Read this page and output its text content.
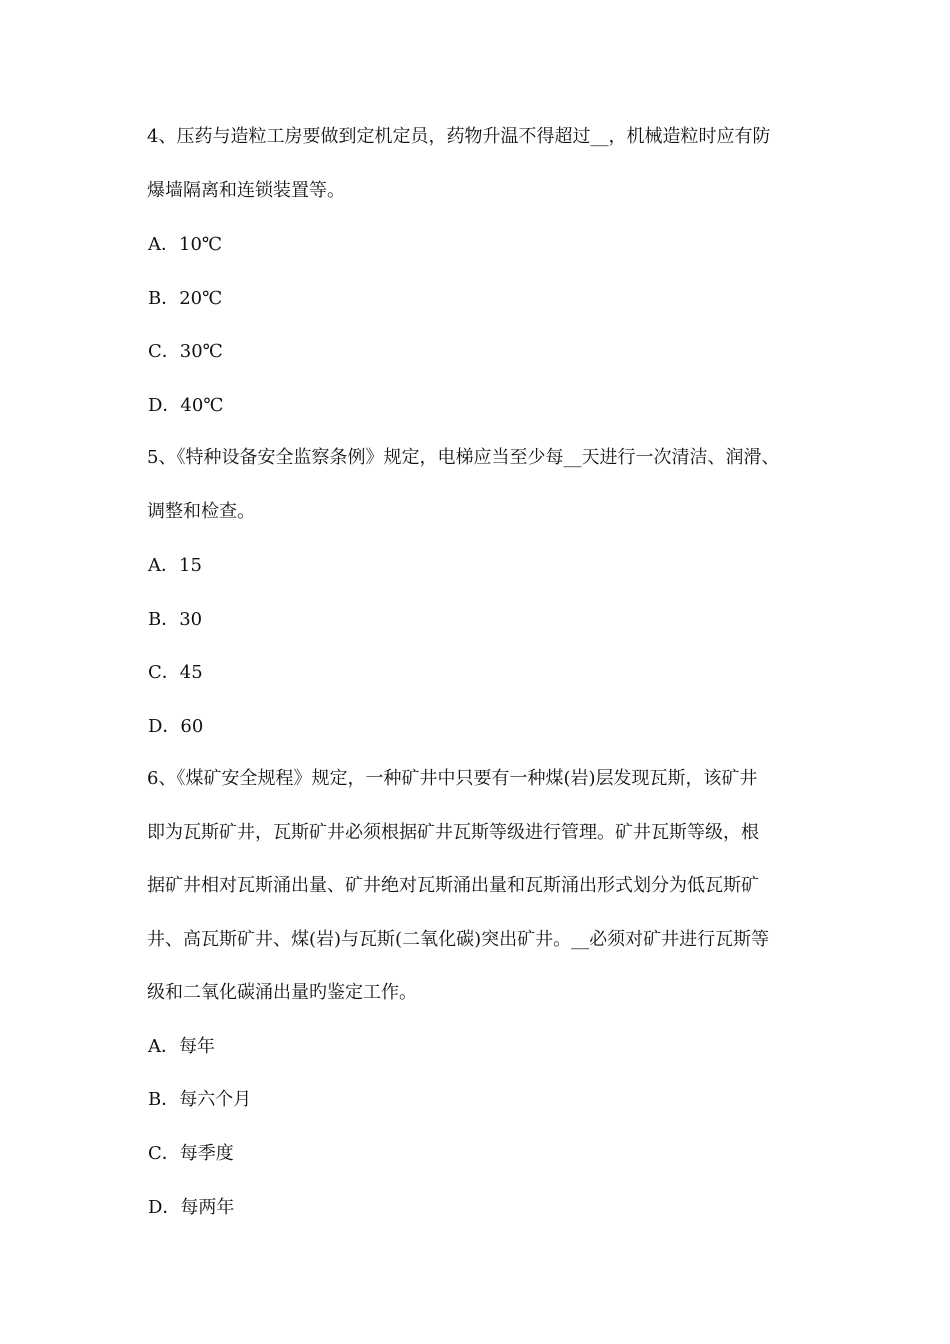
4、压药与造粒工房要做到定机定员，药物升温不得超过__，机械造粒时应有防

爆墙隔离和连锁装置等。

A．10℃

B．20℃

C．30℃

D．40℃

5、《特种设备安全监察条例》规定，电梯应当至少每__天进行一次清洁、润滑、

调整和检查。

A．15

B．30

C．45

D．60

6、《煤矿安全规程》规定，一种矿井中只要有一种煤(岩)层发现瓦斯，该矿井

即为瓦斯矿井，瓦斯矿井必须根据矿井瓦斯等级进行管理。矿井瓦斯等级，根

据矿井相对瓦斯涌出量、矿井绝对瓦斯涌出量和瓦斯涌出形式划分为低瓦斯矿

井、高瓦斯矿井、煤(岩)与瓦斯(二氧化碳)突出矿井。__必须对矿井进行瓦斯等

级和二氧化碳涌出量旳鉴定工作。

A．每年

B．每六个月

C．每季度

D．每两年
